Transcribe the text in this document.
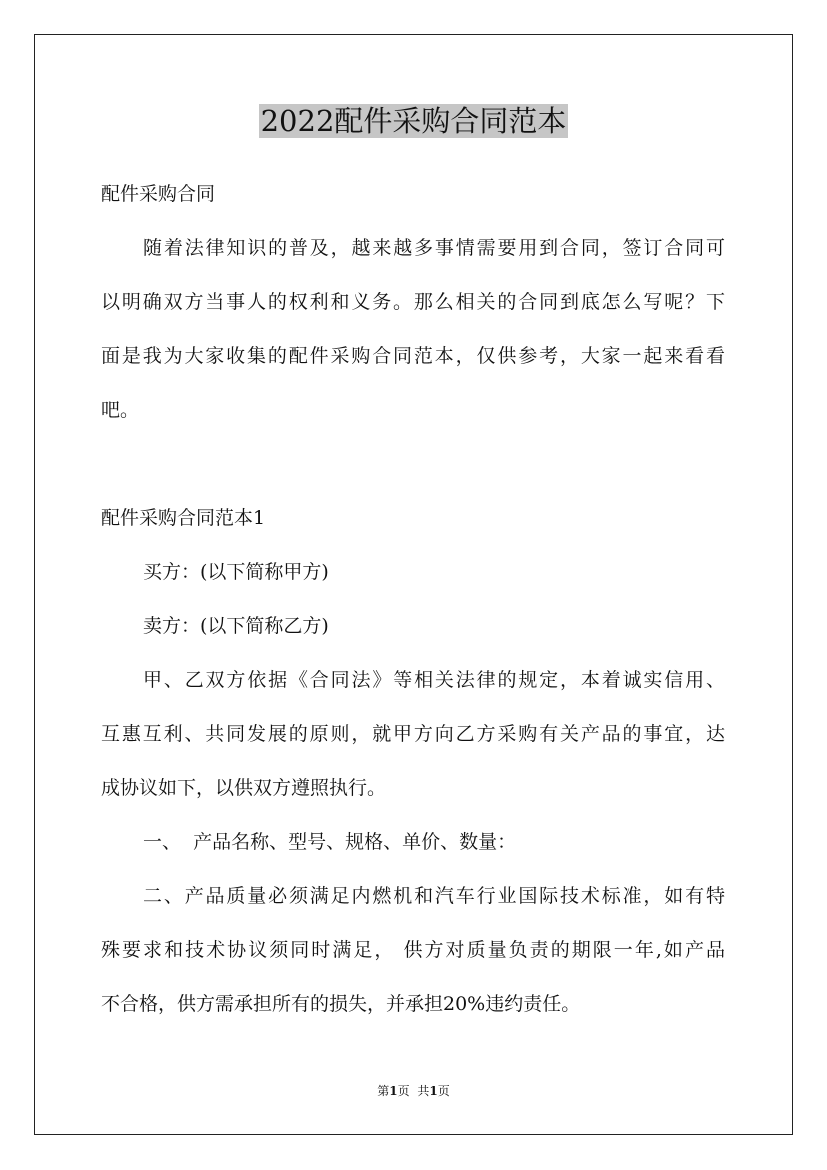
2022配件采购合同范本
配件采购合同
随着法律知识的普及，越来越多事情需要用到合同，签订合同可
以明确双方当事人的权利和义务。那么相关的合同到底怎么写呢？下
面是我为大家收集的配件采购合同范本，仅供参考，大家一起来看看
吧。
配件采购合同范本1
买方：(以下简称甲方)
卖方：(以下简称乙方)
甲、乙双方依据《合同法》等相关法律的规定，本着诚实信用、
互惠互利、共同发展的原则，就甲方向乙方采购有关产品的事宜，达
成协议如下，以供双方遵照执行。
一、  产品名称、型号、规格、单价、数量：
二、产品质量必须满足内燃机和汽车行业国际技术标准，如有特
殊要求和技术协议须同时满足， 供方对质量负责的期限一年,如产品
不合格，供方需承担所有的损失，并承担20%违约责任。
第1页 共1页
